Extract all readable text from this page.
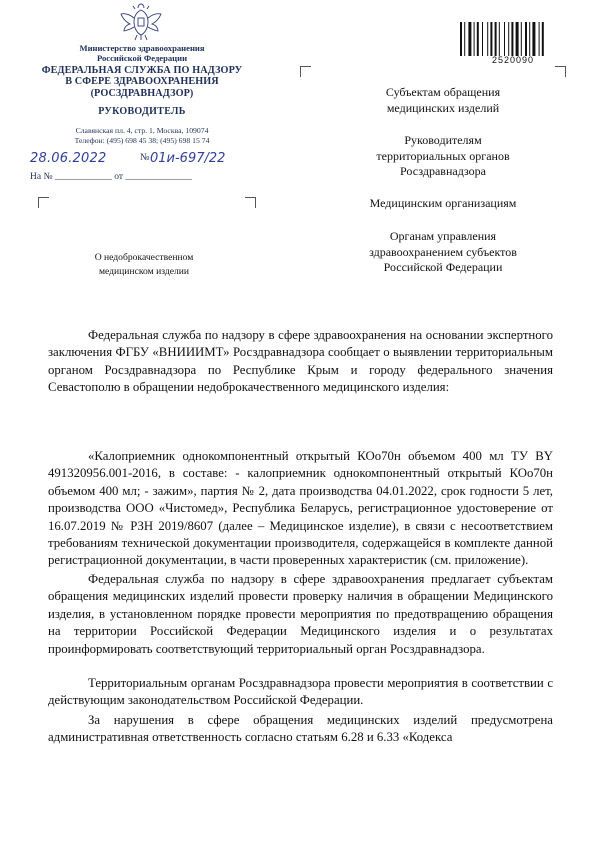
Министерство здравоохранения
Российской Федерации
ФЕДЕРАЛЬНАЯ СЛУЖБА ПО НАДЗОРУ
В СФЕРЕ ЗДРАВООХРАНЕНИЯ
(РОСЗДРАВНАДЗОР)
РУКОВОДИТЕЛЬ
Славянская пл. 4, стр. 1, Москва, 109074
Телефон: (495) 698 45 38; (495) 698 15 74
28.06.2022	№ 01и-697/22
На № ____________ от ______________
О недоброкачественном
медицинском изделии
2520090
Субъектам обращения
медицинских изделий
Руководителям
территориальных органов
Росздравнадзора
Медицинским организациям
Органам управления
здравоохранением субъектов
Российской Федерации
Федеральная служба по надзору в сфере здравоохранения на основании экспертного заключения ФГБУ «ВНИИИМТ» Росздравнадзора сообщает о выявлении территориальным органом Росздравнадзора по Республике Крым и городу федерального значения Севастополю в обращении недоброкачественного медицинского изделия:
«Калоприемник однокомпонентный открытый КОо70н объемом 400 мл ТУ BY 491320956.001-2016, в составе: - калоприемник однокомпонентный открытый КОо70н объемом 400 мл; - зажим», партия № 2, дата производства 04.01.2022, срок годности 5 лет, производства ООО «Чистомед», Республика Беларусь, регистрационное удостоверение от 16.07.2019 № РЗН 2019/8607 (далее – Медицинское изделие), в связи с несоответствием требованиям технической документации производителя, содержащейся в комплекте данной регистрационной документации, в части проверенных характеристик (см. приложение).
Федеральная служба по надзору в сфере здравоохранения предлагает субъектам обращения медицинских изделий провести проверку наличия в обращении Медицинского изделия, в установленном порядке провести мероприятия по предотвращению обращения на территории Российской Федерации Медицинского изделия и о результатах проинформировать соответствующий территориальный орган Росздравнадзора.
Территориальным органам Росздравнадзора провести мероприятия в соответствии с действующим законодательством Российской Федерации.
За нарушения в сфере обращения медицинских изделий предусмотрена административная ответственность согласно статьям 6.28 и 6.33 «Кодекса
